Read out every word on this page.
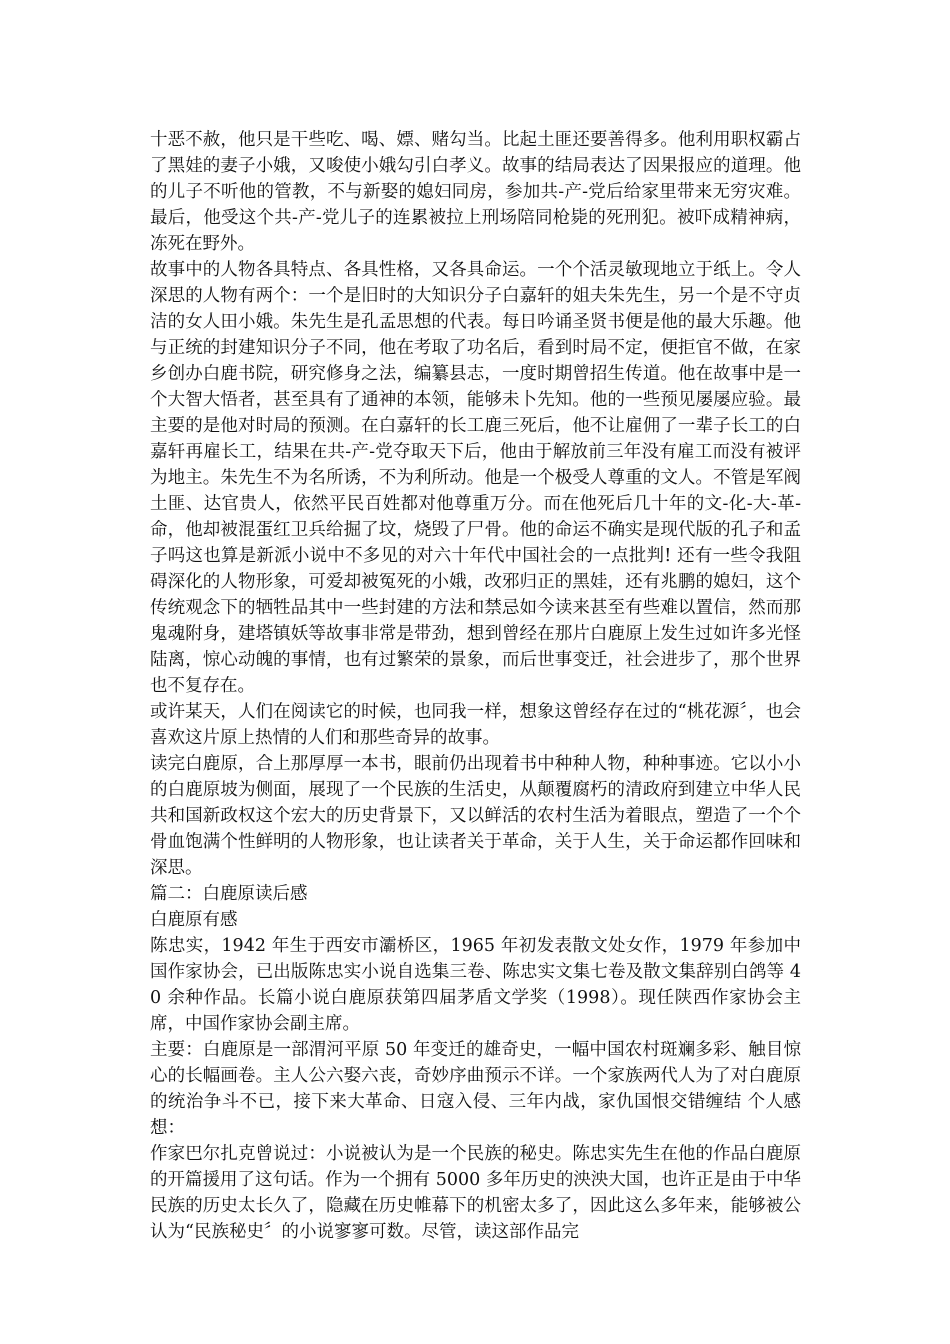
十恶不赦，他只是干些吃、喝、嫖、赌勾当。比起土匪还要善得多。他利用职权霸占了黑娃的妻子小娥，又唆使小娥勾引白孝义。故事的结局表达了因果报应的道理。他的儿子不听他的管教，不与新娶的媳妇同房，参加共-产-党后给家里带来无穷灾难。最后，他受这个共-产-党儿子的连累被拉上刑场陪同枪毙的死刑犯。被吓成精神病，冻死在野外。

故事中的人物各具特点、各具性格，又各具命运。一个个活灵敏现地立于纸上。令人深思的人物有两个：一个是旧时的大知识分子白嘉轩的姐夫朱先生，另一个是不守贞洁的女人田小娥。朱先生是孔孟思想的代表。每日吟诵圣贤书便是他的最大乐趣。他与正统的封建知识分子不同，他在考取了功名后，看到时局不定，便拒官不做，在家乡创办白鹿书院，研究修身之法，编纂县志，一度时期曾招生传道。他在故事中是一个大智大悟者，甚至具有了通神的本领，能够未卜先知。他的一些预见屡屡应验。最主要的是他对时局的预测。在白嘉轩的长工鹿三死后，他不让雇佣了一辈子长工的白嘉轩再雇长工，结果在共-产-党夺取天下后，他由于解放前三年没有雇工而没有被评为地主。朱先生不为名所诱，不为利所动。他是一个极受人尊重的文人。不管是军阀土匪、达官贵人，依然平民百姓都对他尊重万分。而在他死后几十年的文-化-大-革-命，他却被混蛋红卫兵给掘了坟，烧毁了尸骨。他的命运不确实是现代版的孔子和孟子吗这也算是新派小说中不多见的对六十年代中国社会的一点批判! 还有一些令我阻碍深化的人物形象，可爱却被冤死的小娥，改邪归正的黑娃，还有兆鹏的媳妇，这个传统观念下的牺牲品其中一些封建的方法和禁忌如今读来甚至有些难以置信，然而那鬼魂附身，建塔镇妖等故事非常是带劲，想到曾经在那片白鹿原上发生过如许多光怪陆离，惊心动魄的事情，也有过繁荣的景象，而后世事变迁，社会进步了，那个世界也不复存在。

或许某天，人们在阅读它的时候，也同我一样，想象这曾经存在过的“桃花源〞，也会喜欢这片原上热情的人们和那些奇异的故事。

读完白鹿原，合上那厚厚一本书，眼前仍出现着书中种种人物，种种事迹。它以小小的白鹿原坡为侧面，展现了一个民族的生活史，从颠覆腐朽的清政府到建立中华人民共和国新政权这个宏大的历史背景下，又以鲜活的农村生活为着眼点，塑造了一个个骨血饱满个性鲜明的人物形象，也让读者关于革命，关于人生，关于命运都作回味和深思。

篇二：白鹿原读后感

白鹿原有感

陈忠实，1942 年生于西安市灞桥区，1965 年初发表散文处女作，1979 年参加中国作家协会，已出版陈忠实小说自选集三卷、陈忠实文集七卷及散文集辞别白鸽等 40 余种作品。长篇小说白鹿原获第四届茅盾文学奖（1998）。现任陕西作家协会主席，中国作家协会副主席。

主要：白鹿原是一部渭河平原 50 年变迁的雄奇史，一幅中国农村斑斓多彩、触目惊心的长幅画卷。主人公六娶六丧，奇妙序曲预示不详。一个家族两代人为了对白鹿原的统治争斗不已，接下来大革命、日寇入侵、三年内战，家仇国恨交错缠结 个人感想：

作家巴尔扎克曾说过：小说被认为是一个民族的秘史。陈忠实先生在他的作品白鹿原的开篇援用了这句话。作为一个拥有 5000 多年历史的泱泱大国，也许正是由于中华民族的历史太长久了，隐藏在历史帷幕下的机密太多了，因此这么多年来，能够被公认为“民族秘史〞的小说寥寥可数。尽管，读这部作品完
